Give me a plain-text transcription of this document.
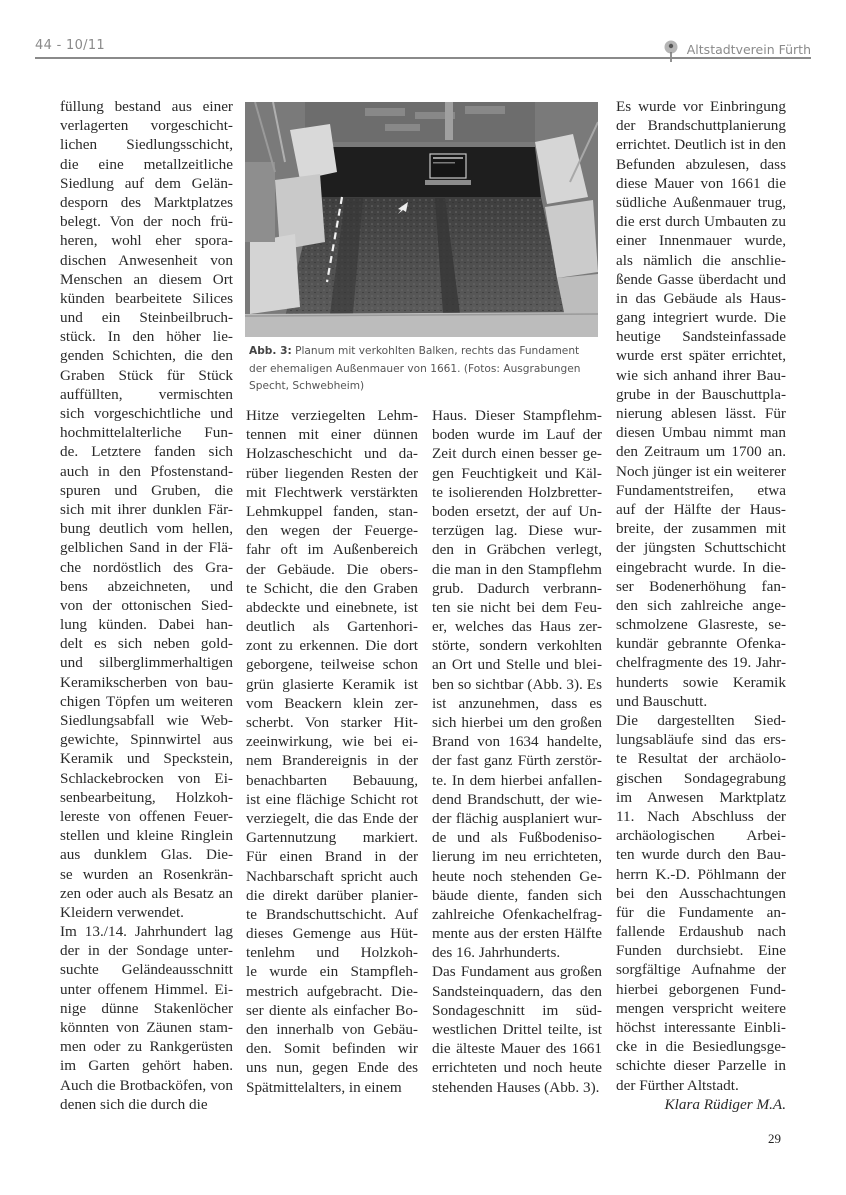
44 - 10/11	Altstadtverein Fürth
Abb. 3: Planum mit verkohlten Balken, rechts das Fundament
der ehemaligen Außenmauer von 1661. (Fotos: Ausgrabungen
Specht, Schwebheim)
füllung bestand aus einer
verlagerten vorgeschicht-
lichen Siedlungsschicht,
die eine metallzeitliche
Siedlung auf dem Gelän-
desporn des Marktplatzes
belegt. Von der noch frü-
heren, wohl eher spora-
dischen Anwesenheit von
Menschen an diesem Ort
künden bearbeitete Silices
und ein Steinbeilbruch-
stück. In den höher lie-
genden Schichten, die den
Graben Stück für Stück
auffüllten, vermischten
sich vorgeschichtliche und
hochmittelalterliche Fun-
de. Letztere fanden sich
auch in den Pfostenstand-
spuren und Gruben, die
sich mit ihrer dunklen Fär-
bung deutlich vom hellen,
gelblichen Sand in der Flä-
che nordöstlich des Gra-
bens abzeichneten, und
von der ottonischen Sied-
lung künden. Dabei han-
delt es sich neben gold-
und silberglimmerhaltigen
Keramikscherben von bau-
chigen Töpfen um weiteren
Siedlungsabfall wie Web-
gewichte, Spinnwirtel aus
Keramik und Speckstein,
Schlackebrocken von Ei-
senbearbeitung, Holzkoh-
lereste von offenen Feuer-
stellen und kleine Ringlein
aus dunklem Glas. Die-
se wurden an Rosenkrän-
zen oder auch als Besatz an
Kleidern verwendet.
Im 13./14. Jahrhundert lag
der in der Sondage unter-
suchte Geländeausschnitt
unter offenem Himmel. Ei-
nige dünne Stakenlöcher
könnten von Zäunen stam-
men oder zu Rankgerüsten
im Garten gehört haben.
Auch die Brotbacköfen, von
denen sich die durch die
Hitze verziegelten Lehm-
tennen mit einer dünnen
Holzascheschicht und da-
rüber liegenden Resten der
mit Flechtwerk verstärkten
Lehmkuppel fanden, stan-
den wegen der Feuerge-
fahr oft im Außenbereich
der Gebäude. Die obers-
te Schicht, die den Graben
abdeckte und einebnete, ist
deutlich als Gartenhori-
zont zu erkennen. Die dort
geborgene, teilweise schon
grün glasierte Keramik ist
vom Beackern klein zer-
scherbt. Von starker Hit-
zeeinwirkung, wie bei ei-
nem Brandereignis in der
benachbarten Bebauung,
ist eine flächige Schicht rot
verziegelt, die das Ende der
Gartennutzung markiert.
Für einen Brand in der
Nachbarschaft spricht auch
die direkt darüber planier-
te Brandschuttschicht. Auf
dieses Gemenge aus Hüt-
tenlehm und Holzkoh-
le wurde ein Stampfleh-
mestrich aufgebracht. Die-
ser diente als einfacher Bo-
den innerhalb von Gebäu-
den. Somit befinden wir
uns nun, gegen Ende des
Spätmittelalters, in einem
Haus. Dieser Stampflehm-
boden wurde im Lauf der
Zeit durch einen besser ge-
gen Feuchtigkeit und Käl-
te isolierenden Holzbretter-
boden ersetzt, der auf Un-
terzügen lag. Diese wur-
den in Gräbchen verlegt,
die man in den Stampflehm
grub. Dadurch verbrann-
ten sie nicht bei dem Feu-
er, welches das Haus zer-
störte, sondern verkohlten
an Ort und Stelle und blei-
ben so sichtbar (Abb. 3). Es
ist anzunehmen, dass es
sich hierbei um den großen
Brand von 1634 handelte,
der fast ganz Fürth zerstör-
te. In dem hierbei anfallen-
dend Brandschutt, der wie-
der flächig ausplaniert wur-
de und als Fußbodeniso-
lierung im neu errichteten,
heute noch stehenden Ge-
bäude diente, fanden sich
zahlreiche Ofenkachelfrag-
mente aus der ersten Hälfte
des 16. Jahrhunderts.
Das Fundament aus großen
Sandsteinquadern, das den
Sondageschnitt im süd-
westlichen Drittel teilte, ist
die älteste Mauer des 1661
errichteten und noch heute
stehenden Hauses (Abb. 3).
Es wurde vor Einbringung
der Brandschuttplanierung
errichtet. Deutlich ist in den
Befunden abzulesen, dass
diese Mauer von 1661 die
südliche Außenmauer trug,
die erst durch Umbauten zu
einer Innenmauer wurde,
als nämlich die anschlie-
ßende Gasse überdacht und
in das Gebäude als Haus-
gang integriert wurde. Die
heutige Sandsteinfassade
wurde erst später errichtet,
wie sich anhand ihrer Bau-
grube in der Bauschuttpla-
nierung ablesen lässt. Für
diesen Umbau nimmt man
den Zeitraum um 1700 an.
Noch jünger ist ein weiterer
Fundamentstreifen, etwa
auf der Hälfte der Haus-
breite, der zusammen mit
der jüngsten Schuttschicht
eingebracht wurde. In die-
ser Bodenerhöhung fan-
den sich zahlreiche ange-
schmolzene Glasreste, se-
kundär gebrannte Ofenka-
chelfragmente des 19. Jahr-
hunderts sowie Keramik
und Bauschutt.
Die dargestellten Sied-
lungsabläufe sind das ers-
te Resultat der archäolo-
gischen Sondagegrabung
im Anwesen Marktplatz
11. Nach Abschluss der
archäologischen Arbei-
ten wurde durch den Bau-
herrn K.-D. Pöhlmann der
bei den Ausschachtungen
für die Fundamente an-
fallende Erdaushub nach
Funden durchsiebt. Eine
sorgfältige Aufnahme der
hierbei geborgenen Fund-
mengen verspricht weitere
höchst interessante Einbli-
cke in die Besiedlungsge-
schichte dieser Parzelle in
der Fürther Altstadt.
Klara Rüdiger M.A.
29
